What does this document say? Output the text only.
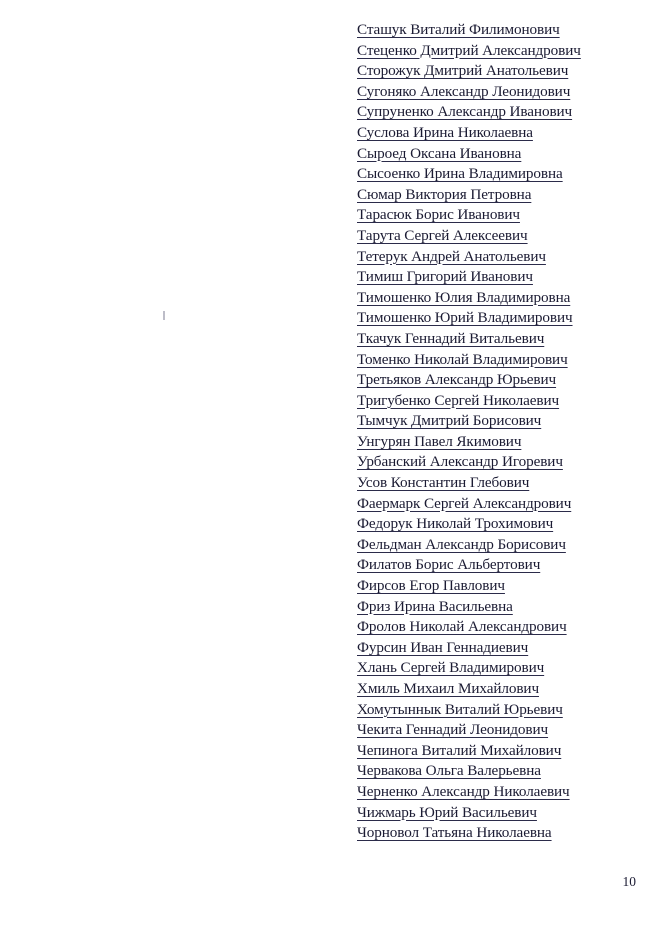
Сташук Виталий Филимонович
Стеценко Дмитрий Александрович
Сторожук Дмитрий Анатольевич
Сугоняко Александр Леонидович
Супруненко Александр Иванович
Суслова Ирина Николаевна
Сыроед Оксана Ивановна
Сысоенко Ирина Владимировна
Сюмар Виктория Петровна
Тарасюк Борис Иванович
Тарута Сергей Алексеевич
Тетерук Андрей Анатольевич
Тимиш Григорий Иванович
Тимошенко Юлия Владимировна
Тимошенко Юрий Владимирович
Ткачук Геннадий Витальевич
Томенко Николай Владимирович
Третьяков Александр Юрьевич
Тригубенко Сергей Николаевич
Тымчук Дмитрий Борисович
Унгурян Павел Якимович
Урбанский Александр Игоревич
Усов Константин Глебович
Фаермарк Сергей Александрович
Федорук Николай Трохимович
Фельдман Александр Борисович
Филатов Борис Альбертович
Фирсов Егор Павлович
Фриз Ирина Васильевна
Фролов Николай Александрович
Фурсин Иван Геннадиевич
Хлань Сергей Владимирович
Хмиль Михаил Михайлович
Хомутыннык Виталий Юрьевич
Чекита Геннадий Леонидович
Чепинога Виталий Михайлович
Червакова Ольга Валерьевна
Черненко Александр Николаевич
Чижмарь Юрий Васильевич
Чорновол Татьяна Николаевна
10
